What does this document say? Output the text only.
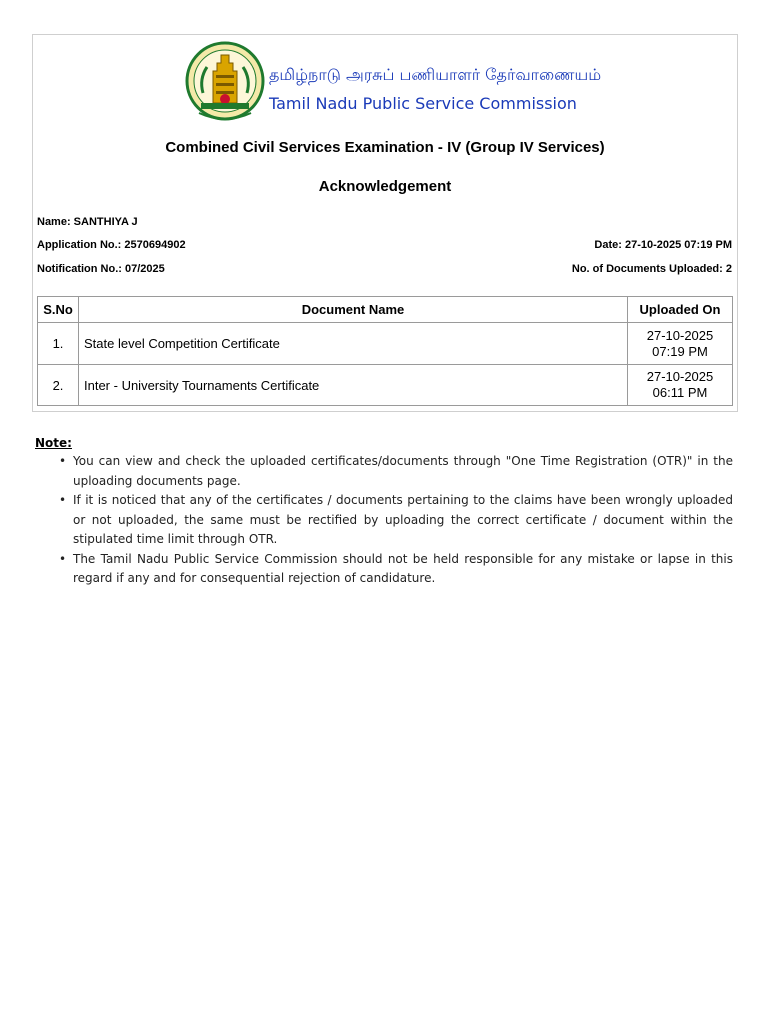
தமிழ்நாடு அரசுப் பணியாளர் தேர்வாணையம்
Tamil Nadu Public Service Commission
Combined Civil Services Examination - IV (Group IV Services)
Acknowledgement
Name: SANTHIYA J
Application No.: 2570694902	Date: 27-10-2025 07:19 PM
Notification No.: 07/2025	No. of Documents Uploaded: 2
S.No	Document Name	Uploaded On
1.	State level Competition Certificate	27-10-2025
07:19 PM

2.	Inter - University Tournaments Certificate	27-10-2025
06:11 PM
Note:
• You can view and check the uploaded certificates/documents through "One Time Registration (OTR)" in the uploading documents page.
• If it is noticed that any of the certificates / documents pertaining to the claims have been wrongly uploaded or not uploaded, the same must be rectified by uploading the correct certificate / document within the stipulated time limit through OTR.
• The Tamil Nadu Public Service Commission should not be held responsible for any mistake or lapse in this regard if any and for consequential rejection of candidature.
